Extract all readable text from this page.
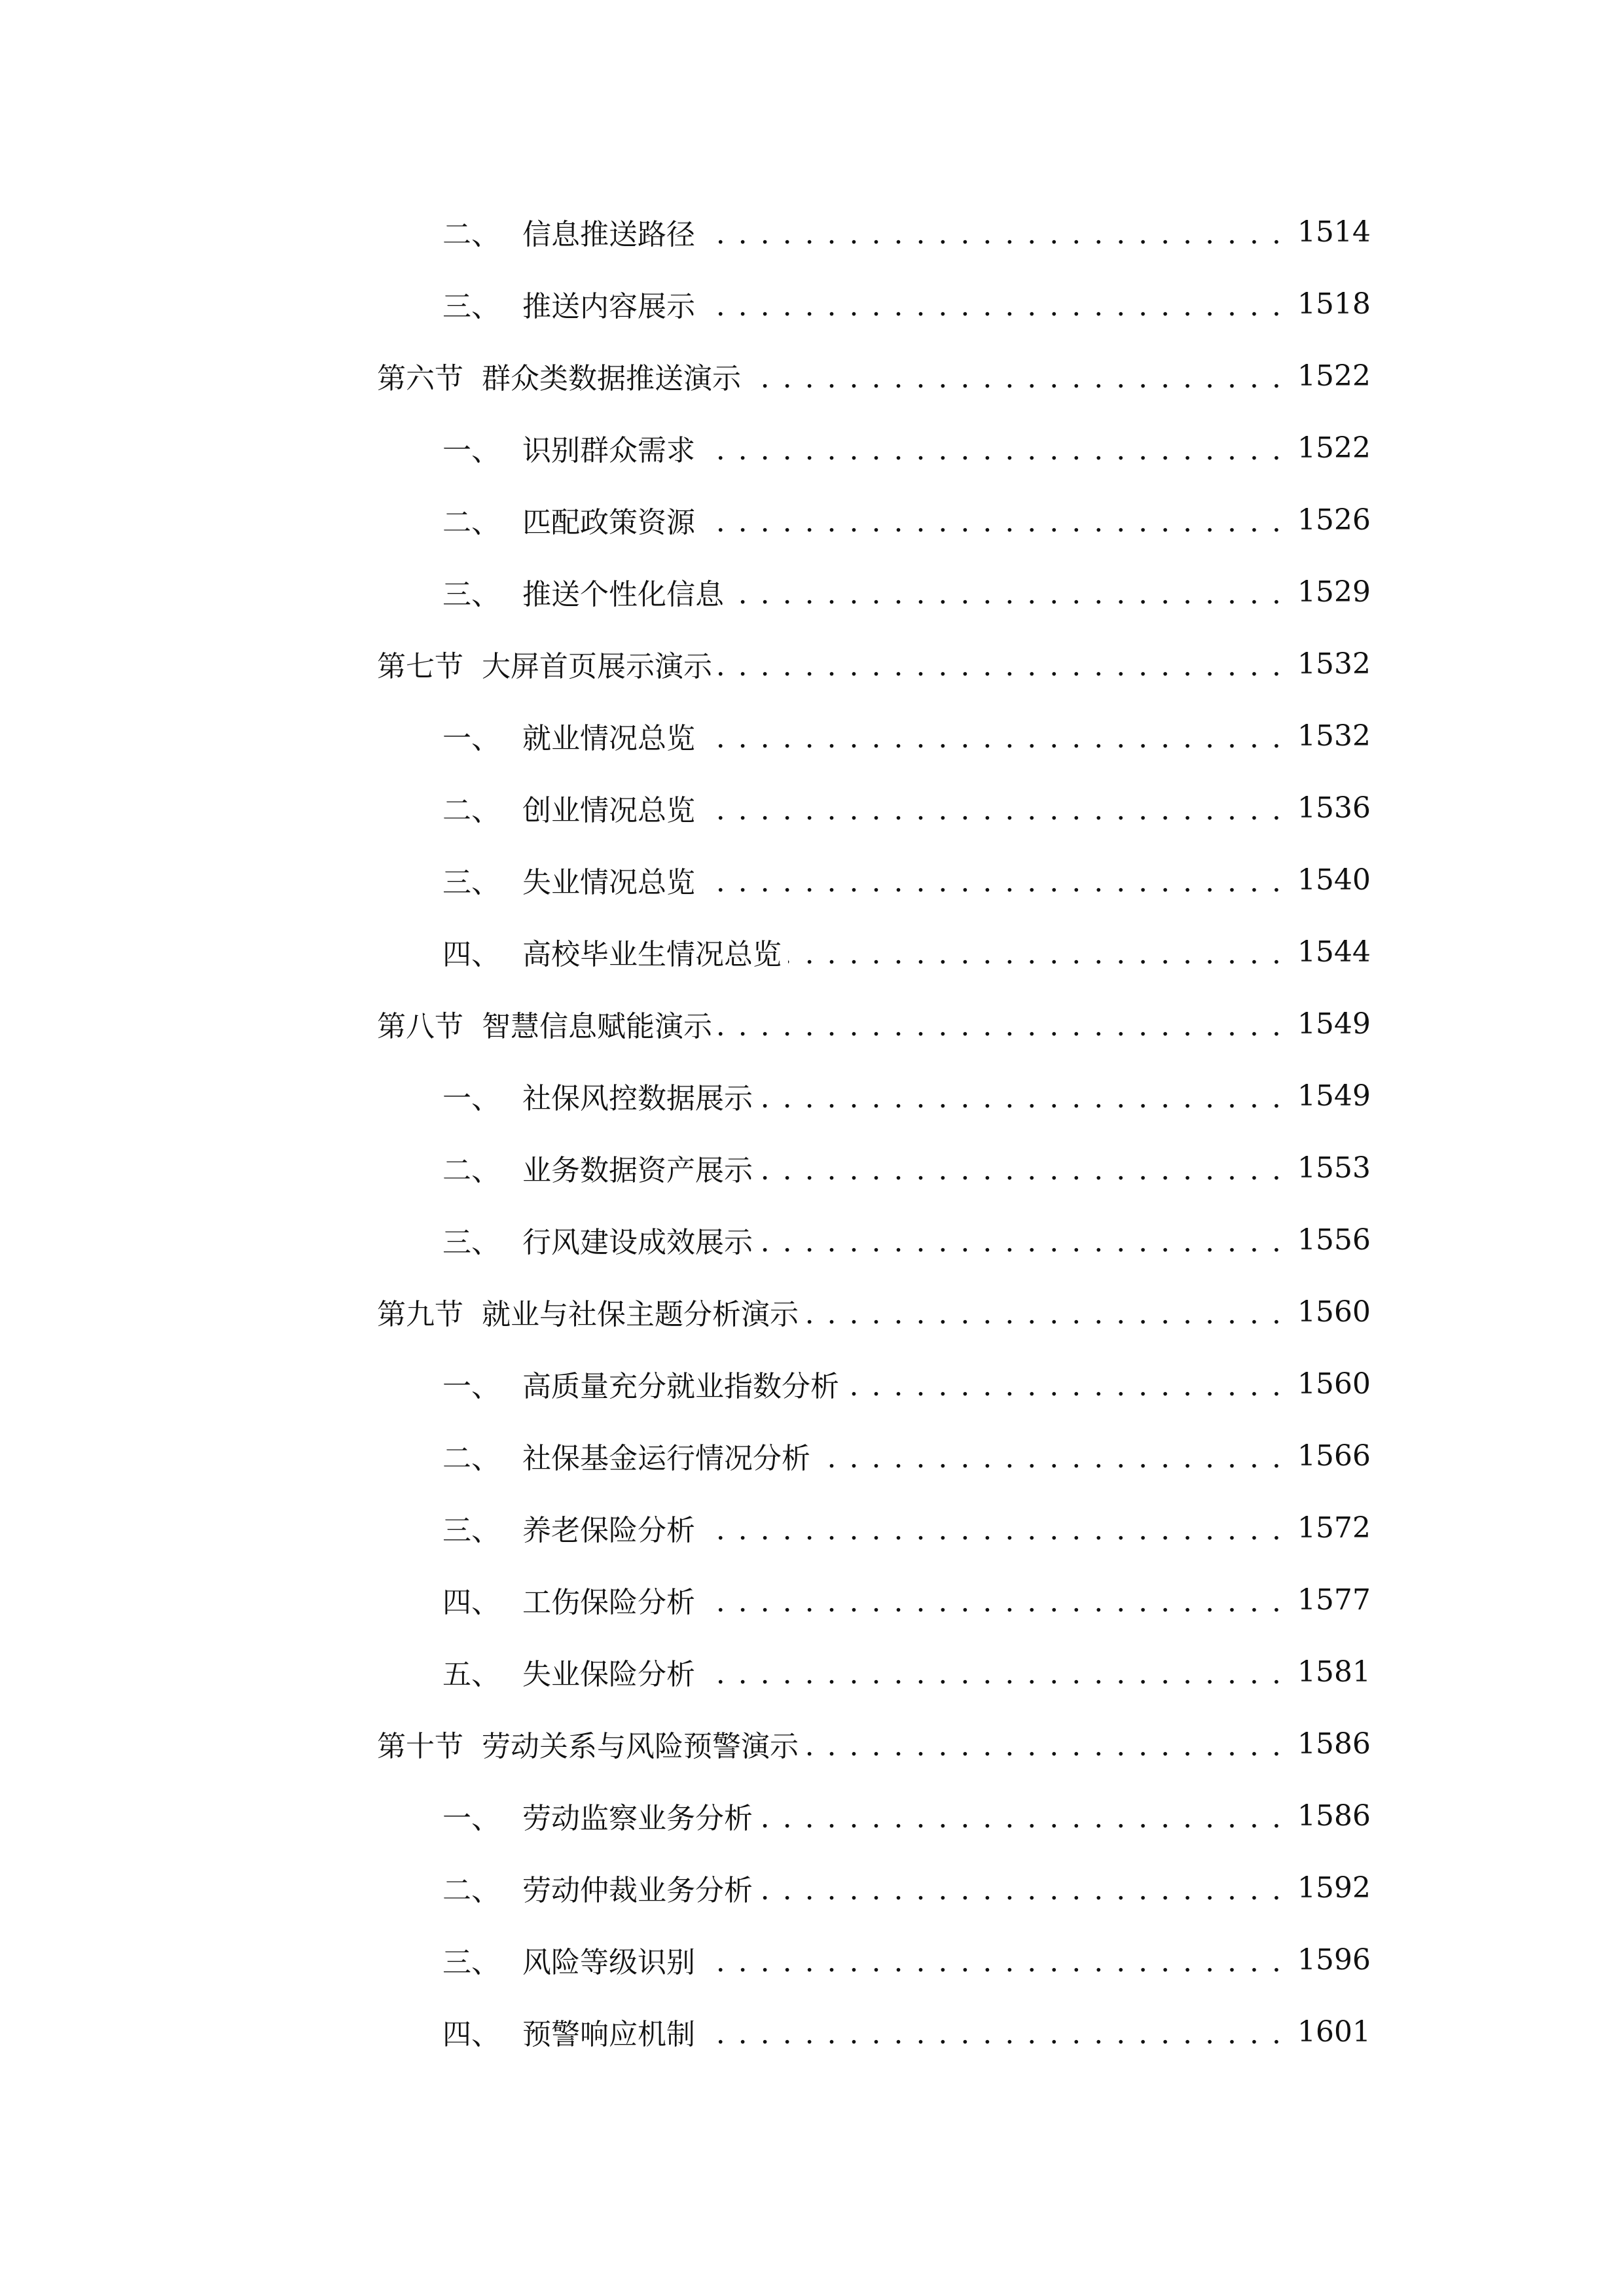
二、 信息推送路径 . . .	1514
三、 推送内容展示 . . .	1518
第六节 群众类数据推送演示 . . .	1522
一、 识别群众需求 . . .	1522
二、 匹配政策资源 . . .	1526
三、 推送个性化信息 . . .	1529
第七节 大屏首页展示演示 . . .	1532
一、 就业情况总览 . . .	1532
二、 创业情况总览 . . .	1536
三、 失业情况总览 . . .	1540
四、 高校毕业生情况总览 . . .	1544
第八节 智慧信息赋能演示 . . .	1549
一、 社保风控数据展示 . . .	1549
二、 业务数据资产展示 . . .	1553
三、 行风建设成效展示 . . .	1556
第九节 就业与社保主题分析演示 . . .	1560
一、 高质量充分就业指数分析 . . .	1560
二、 社保基金运行情况分析 . . .	1566
三、 养老保险分析 . . .	1572
四、 工伤保险分析 . . .	1577
五、 失业保险分析 . . .	1581
第十节 劳动关系与风险预警演示 . . .	1586
一、 劳动监察业务分析 . . .	1586
二、 劳动仲裁业务分析 . . .	1592
三、 风险等级识别 . . .	1596
四、 预警响应机制 . . .	1601
